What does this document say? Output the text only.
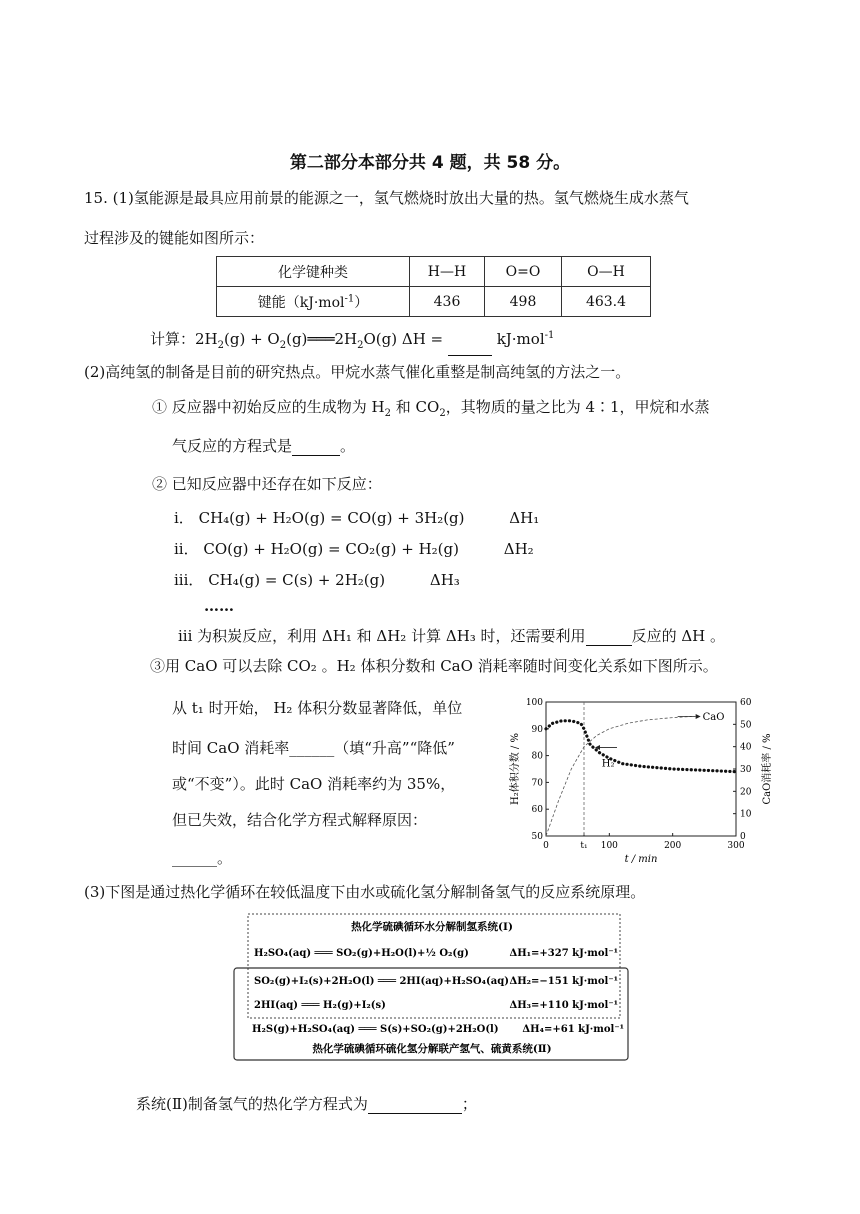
第二部分本部分共 4 题，共 58 分。
15. (1)氢能源是最具应用前景的能源之一，氢气燃烧时放出大量的热。氢气燃烧生成水蒸气
过程涉及的键能如图所示：
化学键种类	H—H	O=O	O—H
键能（kJ·mol$^{-1}$）	436	498	463.4
计算：$2H_2(g)$ + $O_2(g)═══2H_2O(g) \Delta H$ =	kJ·mol$^{-1}$
(2)高纯氢的制备是目前的研究热点。甲烷水蒸气催化重整是制高纯氢的方法之一。
① 反应器中初始反应的生成物为 $H_2$ 和 $CO_2$，其物质的量之比为 4∶1，甲烷和水蒸
气反应的方程式是	。
② 已知反应器中还存在如下反应：
i． CH₄(g) + H₂O(g) = CO(g) + 3H₂(g)	ΔH₁
ii． CO(g) + H₂O(g) = CO₂(g) + H₂(g)	ΔH₂
iii． CH₄(g) = C(s) + 2H₂(g)	ΔH₃
……
iii 为积炭反应，利用 ΔH₁ 和 ΔH₂ 计算 ΔH₃ 时，还需要利用	反应的 ΔH 。
③用 CaO 可以去除 CO₂ 。H₂ 体积分数和 CaO 消耗率随时间变化关系如下图所示。
从 t₁ 时开始， H₂ 体积分数显著降低，单位
时间 CaO 消耗率______（填“升高”“降低”
或“不变”）。此时 CaO 消耗率约为 35%，
但已失效，结合化学方程式解释原因：
______。
50
60
70
80
90
100
0
10
20
30
40
50
60
0	t₁ 100	200	300
t / min
H₂体积分数 / %	CaO消耗率 / %
CaO
H₂
(3)下图是通过热化学循环在较低温度下由水或硫化氢分解制备氢气的反应系统原理。
热化学硫碘循环水分解制氢系统(Ⅰ)
H₂SO₄(aq) ═══ SO₂(g)+H₂O(l)+½ O₂(g)	ΔH₁=+327 kJ·mol⁻¹
SO₂(g)+I₂(s)+2H₂O(l) ═══ 2HI(aq)+H₂SO₄(aq) ΔH₂=−151 kJ·mol⁻¹
2HI(aq) ═══ H₂(g)+I₂(s)	ΔH₃=+110 kJ·mol⁻¹
H₂S(g)+H₂SO₄(aq) ═══ S(s)+SO₂(g)+2H₂O(l) ΔH₄=+61 kJ·mol⁻¹
热化学硫碘循环硫化氢分解联产氢气、硫黄系统(Ⅱ)
系统(Ⅱ)制备氢气的热化学方程式为	；
